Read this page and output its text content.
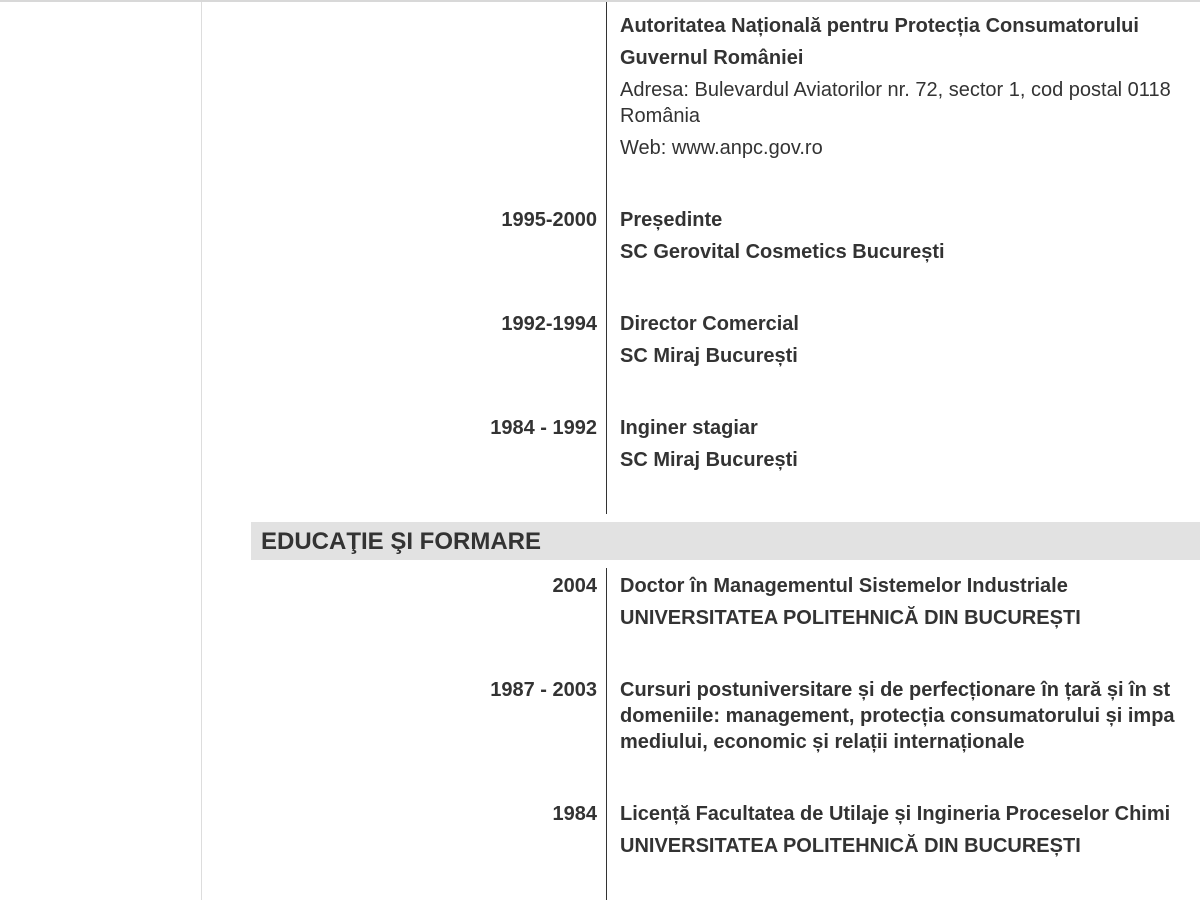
Autoritatea Națională pentru Protecția Consumatorului
Guvernul României
Adresa: Bulevardul Aviatorilor nr. 72, sector 1, cod postal 0118
România
Web: www.anpc.gov.ro
1995-2000 Președinte
SC Gerovital Cosmetics București
1992-1994 Director Comercial
SC Miraj București
1984 - 1992 Inginer stagiar
SC Miraj București
EDUCAŢIE ŞI FORMARE
2004 Doctor în Managementul Sistemelor Industriale
UNIVERSITATEA POLITEHNICĂ DIN BUCUREȘTI
1987 - 2003 Cursuri postuniversitare și de perfecționare în țară și în st
domeniile: management, protecția consumatorului și impa
mediului, economic și relații internaționale
1984 Licență Facultatea de Utilaje și Ingineria Proceselor Chimi
UNIVERSITATEA POLITEHNICĂ DIN BUCUREȘTI
